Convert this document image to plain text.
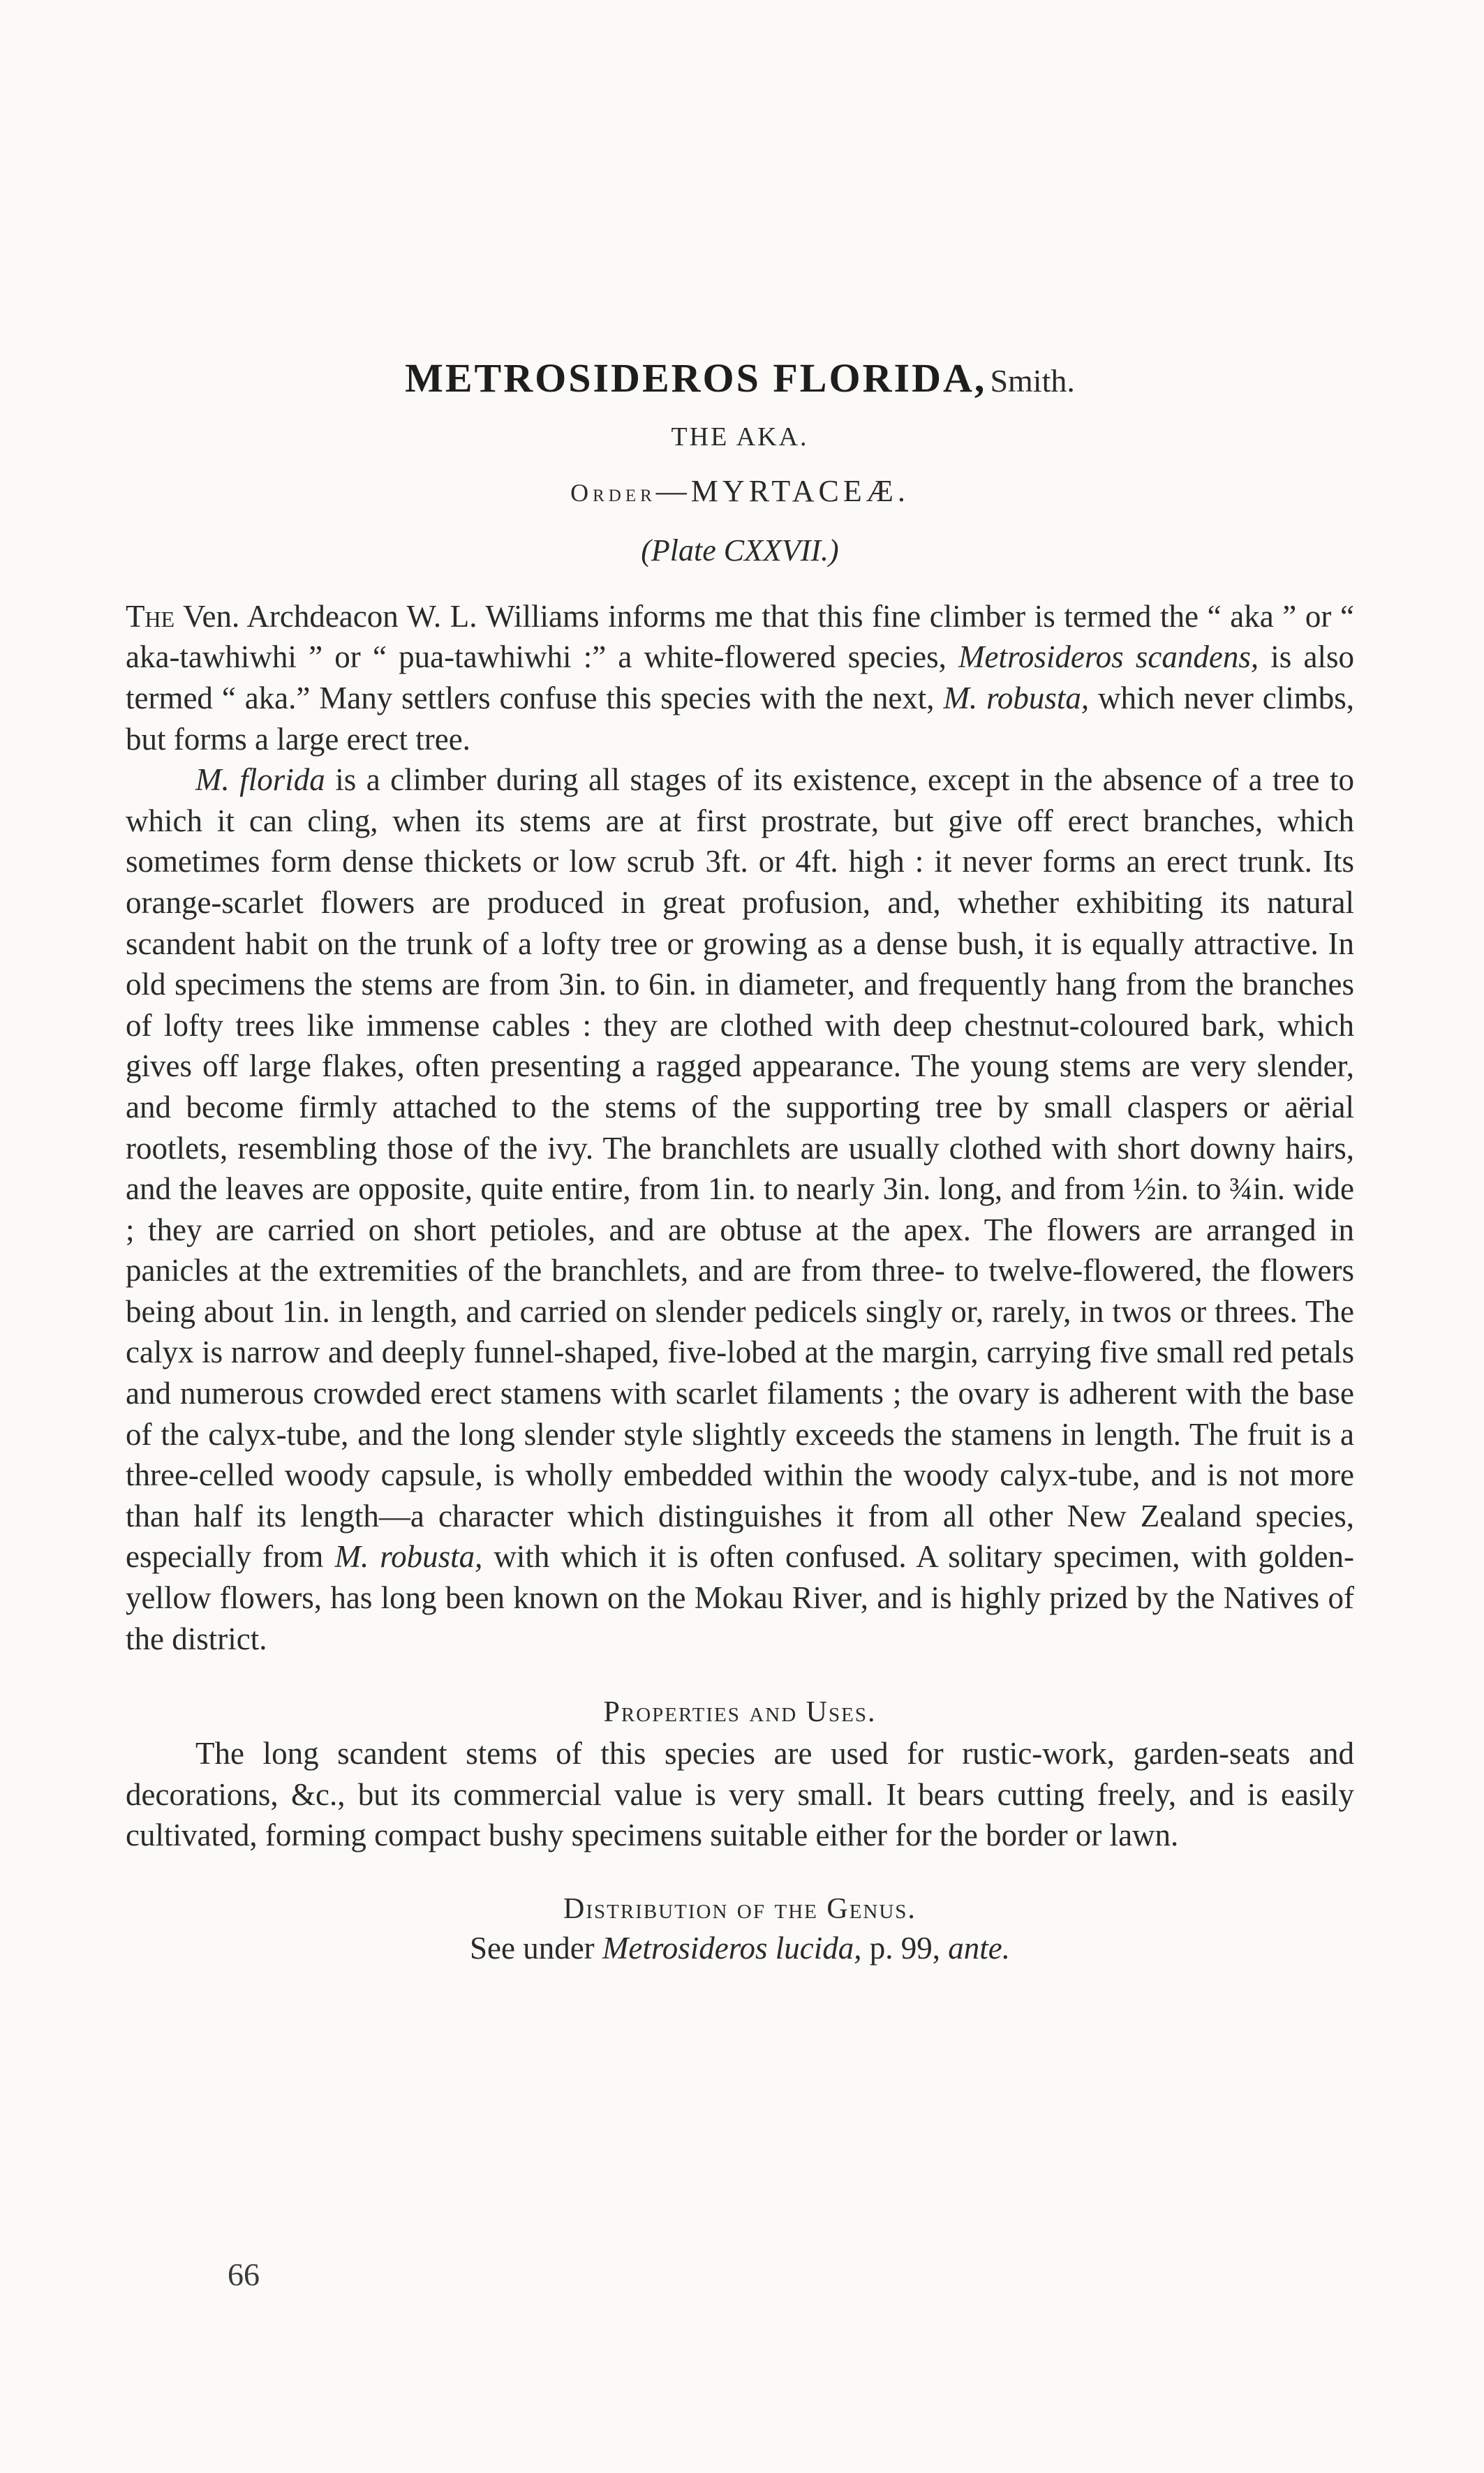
METROSIDEROS FLORIDA, Smith.

THE AKA.

Order—MYRTACEÆ.

(Plate CXXVII.)

The Ven. Archdeacon W. L. Williams informs me that this fine climber is termed the “ aka ” or “ aka-tawhiwhi ” or “ pua-tawhiwhi :” a white-flowered species, Metrosideros scandens, is also termed “ aka.” Many settlers confuse this species with the next, M. robusta, which never climbs, but forms a large erect tree.

M. florida is a climber during all stages of its existence, except in the absence of a tree to which it can cling, when its stems are at first prostrate, but give off erect branches, which sometimes form dense thickets or low scrub 3ft. or 4ft. high : it never forms an erect trunk. Its orange-scarlet flowers are produced in great profusion, and, whether exhibiting its natural scandent habit on the trunk of a lofty tree or growing as a dense bush, it is equally attractive. In old specimens the stems are from 3in. to 6in. in diameter, and frequently hang from the branches of lofty trees like immense cables : they are clothed with deep chestnut-coloured bark, which gives off large flakes, often presenting a ragged appearance. The young stems are very slender, and become firmly attached to the stems of the supporting tree by small claspers or aërial rootlets, resembling those of the ivy. The branchlets are usually clothed with short downy hairs, and the leaves are opposite, quite entire, from 1in. to nearly 3in. long, and from ½in. to ¾in. wide ; they are carried on short petioles, and are obtuse at the apex. The flowers are arranged in panicles at the extremities of the branchlets, and are from three- to twelve-flowered, the flowers being about 1in. in length, and carried on slender pedicels singly or, rarely, in twos or threes. The calyx is narrow and deeply funnel-shaped, five-lobed at the margin, carrying five small red petals and numerous crowded erect stamens with scarlet filaments ; the ovary is adherent with the base of the calyx-tube, and the long slender style slightly exceeds the stamens in length. The fruit is a three-celled woody capsule, is wholly embedded within the woody calyx-tube, and is not more than half its length—a character which distinguishes it from all other New Zealand species, especially from M. robusta, with which it is often confused. A solitary specimen, with golden-yellow flowers, has long been known on the Mokau River, and is highly prized by the Natives of the district.

Properties and Uses.

The long scandent stems of this species are used for rustic-work, garden-seats and decorations, &c., but its commercial value is very small. It bears cutting freely, and is easily cultivated, forming compact bushy specimens suitable either for the border or lawn.

Distribution of the Genus.

See under Metrosideros lucida, p. 99, ante.

66
